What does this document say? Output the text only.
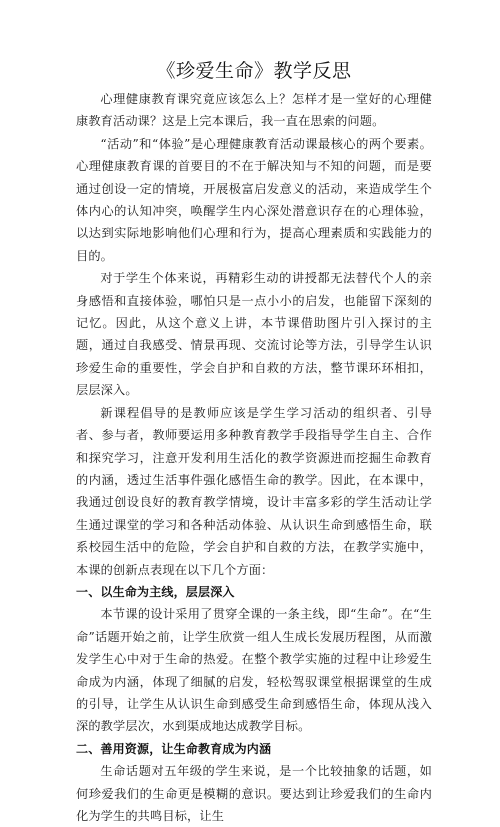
《珍爱生命》教学反思

心理健康教育课究竟应该怎么上？怎样才是一堂好的心理健康教育活动课？这是上完本课后，我一直在思索的问题。

“活动”和“体验”是心理健康教育活动课最核心的两个要素。心理健康教育课的首要目的不在于解决知与不知的问题，而是要通过创设一定的情境，开展极富启发意义的活动，来造成学生个体内心的认知冲突，唤醒学生内心深处潜意识存在的心理体验，以达到实际地影响他们心理和行为，提高心理素质和实践能力的目的。

对于学生个体来说，再精彩生动的讲授都无法替代个人的亲身感悟和直接体验，哪怕只是一点小小的启发，也能留下深刻的记忆。因此，从这个意义上讲，本节课借助图片引入探讨的主题，通过自我感受、情景再现、交流讨论等方法，引导学生认识珍爱生命的重要性，学会自护和自救的方法，整节课环环相扣，层层深入。

新课程倡导的是教师应该是学生学习活动的组织者、引导者、参与者，教师要运用多种教育教学手段指导学生自主、合作和探究学习，注意开发利用生活化的教学资源进而挖掘生命教育的内涵，透过生活事件强化感悟生命的教学。因此，在本课中，我通过创设良好的教育教学情境，设计丰富多彩的学生活动让学生通过课堂的学习和各种活动体验、从认识生命到感悟生命，联系校园生活中的危险，学会自护和自救的方法，在教学实施中，本课的创新点表现在以下几个方面：

一、以生命为主线，层层深入

本节课的设计采用了贯穿全课的一条主线，即“生命”。在“生命”话题开始之前，让学生欣赏一组人生成长发展历程图，从而激发学生心中对于生命的热爱。在整个教学实施的过程中让珍爱生命成为内涵，体现了细腻的启发，轻松驾驭课堂根据课堂的生成的引导，让学生从认识生命到感受生命到感悟生命，体现从浅入深的教学层次，水到渠成地达成教学目标。

二、善用资源，让生命教育成为内涵

生命话题对五年级的学生来说，是一个比较抽象的话题，如何珍爱我们的生命更是模糊的意识。要达到让珍爱我们的生命内化为学生的共鸣目标，让生
